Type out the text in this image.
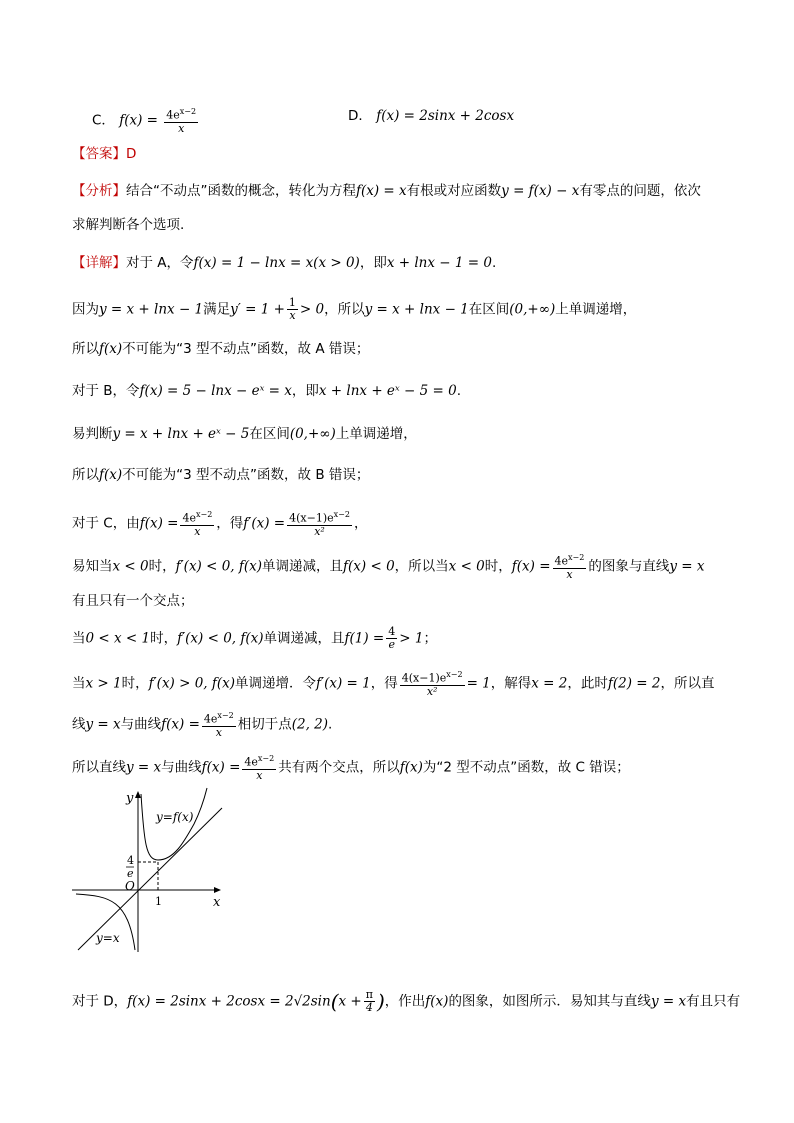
C． $f(x) = \frac{4e^{x-2}}{x}$	D． f(x) = 2sinx + 2cosx
【答案】D
【分析】结合“不动点”函数的概念，转化为方程f(x) = x有根或对应函数y = f(x) − x有零点的问题，依次
求解判断各个选项.
【详解】对于 A，令f(x) = 1 − lnx = x(x > 0)，即x + lnx − 1 = 0.
因为y = x + lnx − 1满足$y' = 1 + \frac{1}{x} > 0$，所以y = x + lnx − 1在区间(0,+∞)上单调递增，
所以f(x)不可能为“3 型不动点”函数，故 A 错误；
对于 B，令f(x) = 5 − lnx − eˣ = x，即x + lnx + eˣ − 5 = 0.
易判断y = x + lnx + eˣ − 5在区间(0,+∞)上单调递增，
所以f(x)不可能为“3 型不动点”函数，故 B 错误；
对于 C，由$f(x) = \frac{4e^{x-2}}{x}$ ，得$f'(x) = \frac{4(x-1)e^{x-2}}{\text{x²}}$ ，
易知当x < 0时，f′(x) < 0, f(x)单调递减，且f(x) < 0，所以当x < 0时，$f(x) = \frac{4e^{x-2}}{x}$ 的图象与直线y = x
有且只有一个交点；
当0 < x < 1时，f′(x) < 0, f(x)单调递减，且$f(1) = \frac{4}{e} > 1$；
当x > 1时，f′(x) > 0, f(x)单调递增．令f′(x) = 1，得 $\frac{4(x-1)e^{x-2}}{\text{x²}} = 1$，解得x = 2，此时f(2) = 2，所以直
线y = x与曲线$f(x) = \frac{4e^{x-2}}{x}$ 相切于点(2, 2).
所以直线y = x与曲线$f(x) = \frac{4e^{x-2}}{x}$ 共有两个交点，所以f(x)为“2 型不动点”函数，故 C 错误；
y
x
O
y=f(x)
y=x
1
4
e
对于 D，$f(x) = 2\sin x + 2\cos x = 2√2\sin(x + \frac{\pi}{4}$ )，作出f(x)的图象，如图所示．易知其与直线y = x有且只有
